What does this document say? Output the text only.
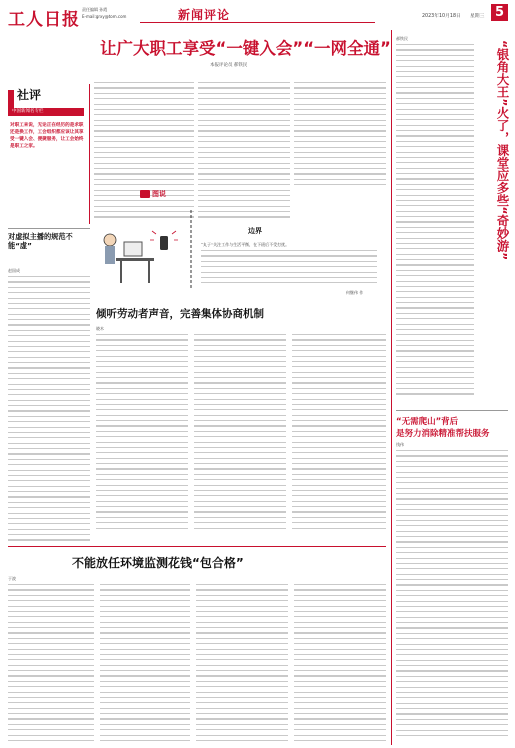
工人日报
责任编辑 孙霞
E-mail:grxy@tom.com	新闻评论	2023年10月18日 星期三 5
让广大职工享受“一键入会”“一网全通”
本报评论员 郝铁民
社评
中国新闻名专栏
对职工来说，无论正在经历的是求职还是换工作，工会组织都应该让其享受一键入会、便捷服务，让工会始终是职工之家。
对虚拟主播的规范不能“虚”
赵国成
图说
边界
“丸子”关注工作与生活平衡，在下班后不受打扰。
何继伟 作
倾听劳动者声音，完善集体协商机制
晓木
不能放任环境监测花钱“包合格”
于波
郝铁民
“银角大王”火了，课堂应多些“奇妙游”
“无需爬山”背后
是努力消除精准帮扶服务
钱伟
